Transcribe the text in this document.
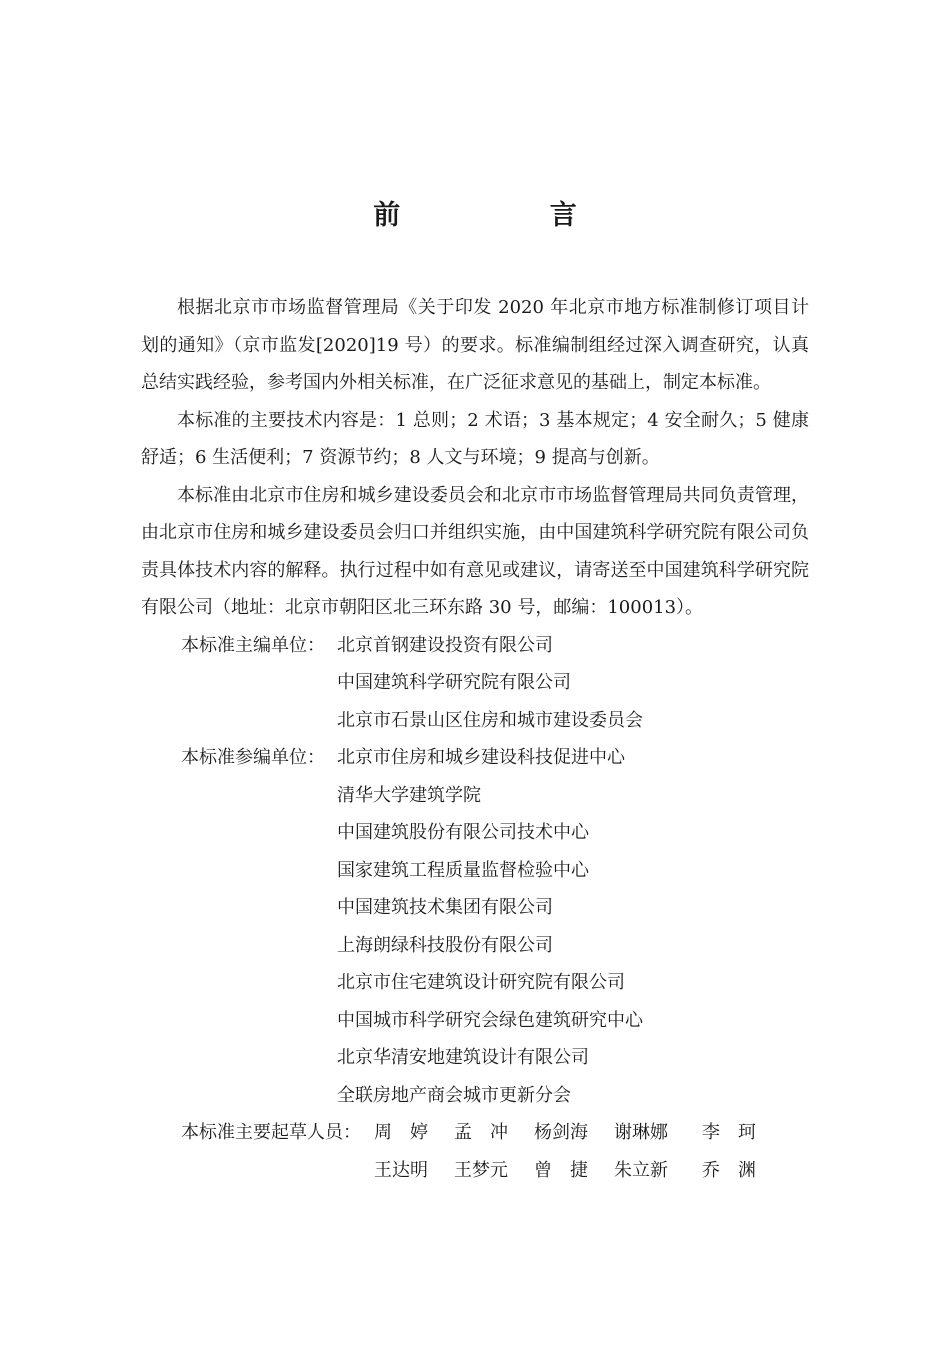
前 言

根据北京市市场监督管理局《关于印发 2020 年北京市地方标准制修订项目计划的通知》（京市监发[2020]19 号）的要求。标准编制组经过深入调查研究，认真总结实践经验，参考国内外相关标准，在广泛征求意见的基础上，制定本标准。

本标准的主要技术内容是：1 总则；2 术语；3 基本规定；4 安全耐久；5 健康舒适；6 生活便利；7 资源节约；8 人文与环境；9 提高与创新。

本标准由北京市住房和城乡建设委员会和北京市市场监督管理局共同负责管理，由北京市住房和城乡建设委员会归口并组织实施，由中国建筑科学研究院有限公司负责具体技术内容的解释。执行过程中如有意见或建议，请寄送至中国建筑科学研究院有限公司（地址：北京市朝阳区北三环东路 30 号，邮编：100013）。

本标准主编单位： 北京首钢建设投资有限公司
中国建筑科学研究院有限公司
北京市石景山区住房和城市建设委员会
本标准参编单位： 北京市住房和城乡建设科技促进中心
清华大学建筑学院
中国建筑股份有限公司技术中心
国家建筑工程质量监督检验中心
中国建筑技术集团有限公司
上海朗绿科技股份有限公司
北京市住宅建筑设计研究院有限公司
中国城市科学研究会绿色建筑研究中心
北京华清安地建筑设计有限公司
全联房地产商会城市更新分会
本标准主要起草人员： 周　婷	孟　冲	杨剑海	谢琳娜	李　珂
王达明	王梦元	曾　捷	朱立新	乔　渊
